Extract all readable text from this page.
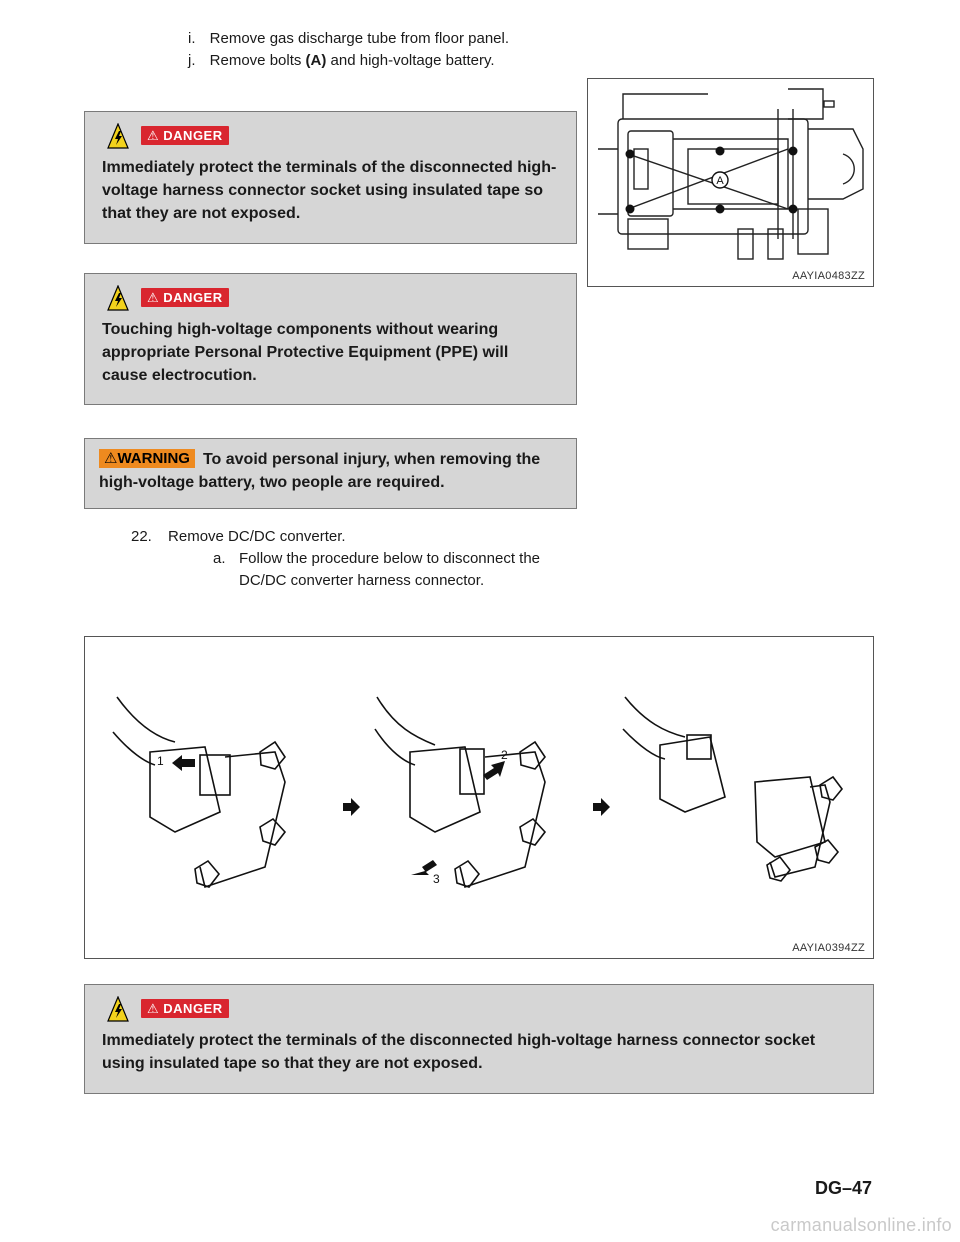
i. Remove gas discharge tube from floor panel.
j. Remove bolts (A) and high-voltage battery.
⚠ DANGER
Immediately protect the terminals of the disconnected high-voltage harness connector socket using insulated tape so that they are not exposed.
⚠ DANGER
Touching high-voltage components without wearing appropriate Personal Protective Equipment (PPE) will cause electrocution.
⚠WARNING To avoid personal injury, when removing the high-voltage battery, two people are required.
22. Remove DC/DC converter.
a. Follow the procedure below to disconnect the DC/DC converter harness connector.
A
AAYIA0483ZZ
1	2
3
AAYIA0394ZZ
⚠ DANGER
Immediately protect the terminals of the disconnected high-voltage harness connector socket using insulated tape so that they are not exposed.
DG–47
carmanualsonline.info
